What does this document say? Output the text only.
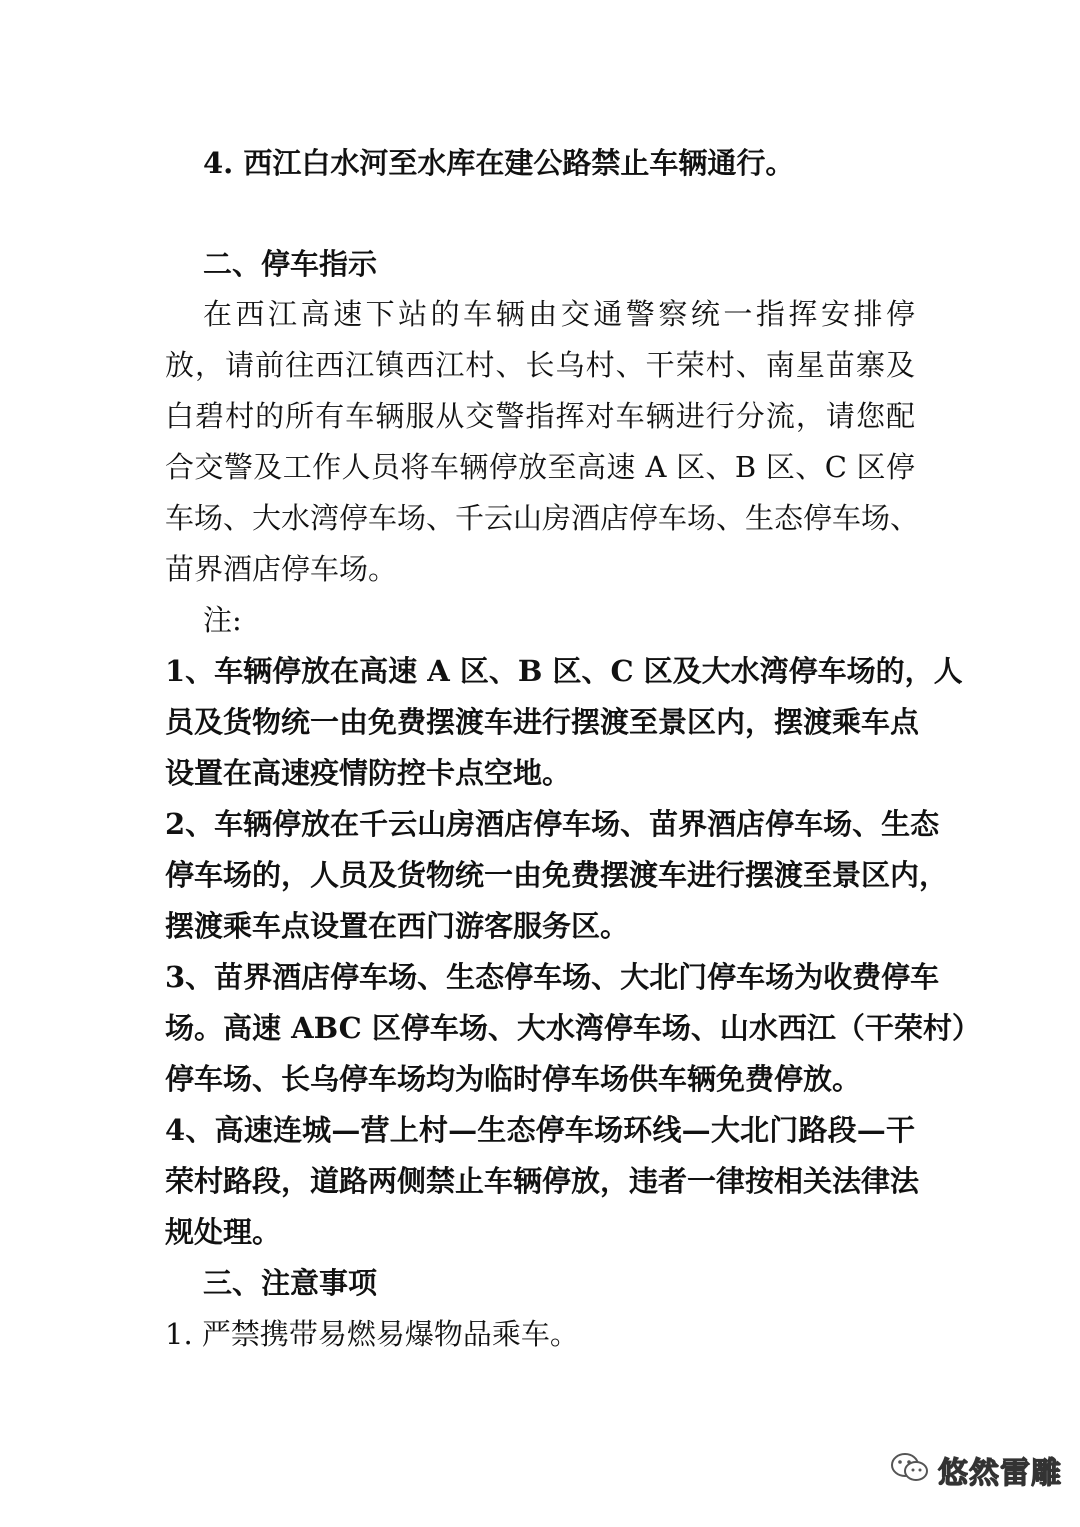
4. 西江白水河至水库在建公路禁止车辆通行。

二、停车指示

在西江高速下站的车辆由交通警察统一指挥安排停

放，请前往西江镇西江村、长乌村、干荣村、南星苗寨及

白碧村的所有车辆服从交警指挥对车辆进行分流，请您配

合交警及工作人员将车辆停放至高速 A 区、B 区、C 区停

车场、大水湾停车场、千云山房酒店停车场、生态停车场、

苗界酒店停车场。

注:

1、车辆停放在高速 A 区、B 区、C 区及大水湾停车场的，人

员及货物统一由免费摆渡车进行摆渡至景区内，摆渡乘车点

设置在高速疫情防控卡点空地。

2、车辆停放在千云山房酒店停车场、苗界酒店停车场、生态

停车场的，人员及货物统一由免费摆渡车进行摆渡至景区内，

摆渡乘车点设置在西门游客服务区。

3、苗界酒店停车场、生态停车场、大北门停车场为收费停车

场。高速 ABC 区停车场、大水湾停车场、山水西江（干荣村）

停车场、长乌停车场均为临时停车场供车辆免费停放。

4、高速连城—营上村—生态停车场环线—大北门路段—干

荣村路段，道路两侧禁止车辆停放，违者一律按相关法律法

规处理。

三、注意事项

1. 严禁携带易燃易爆物品乘车。

悠然雷雕
